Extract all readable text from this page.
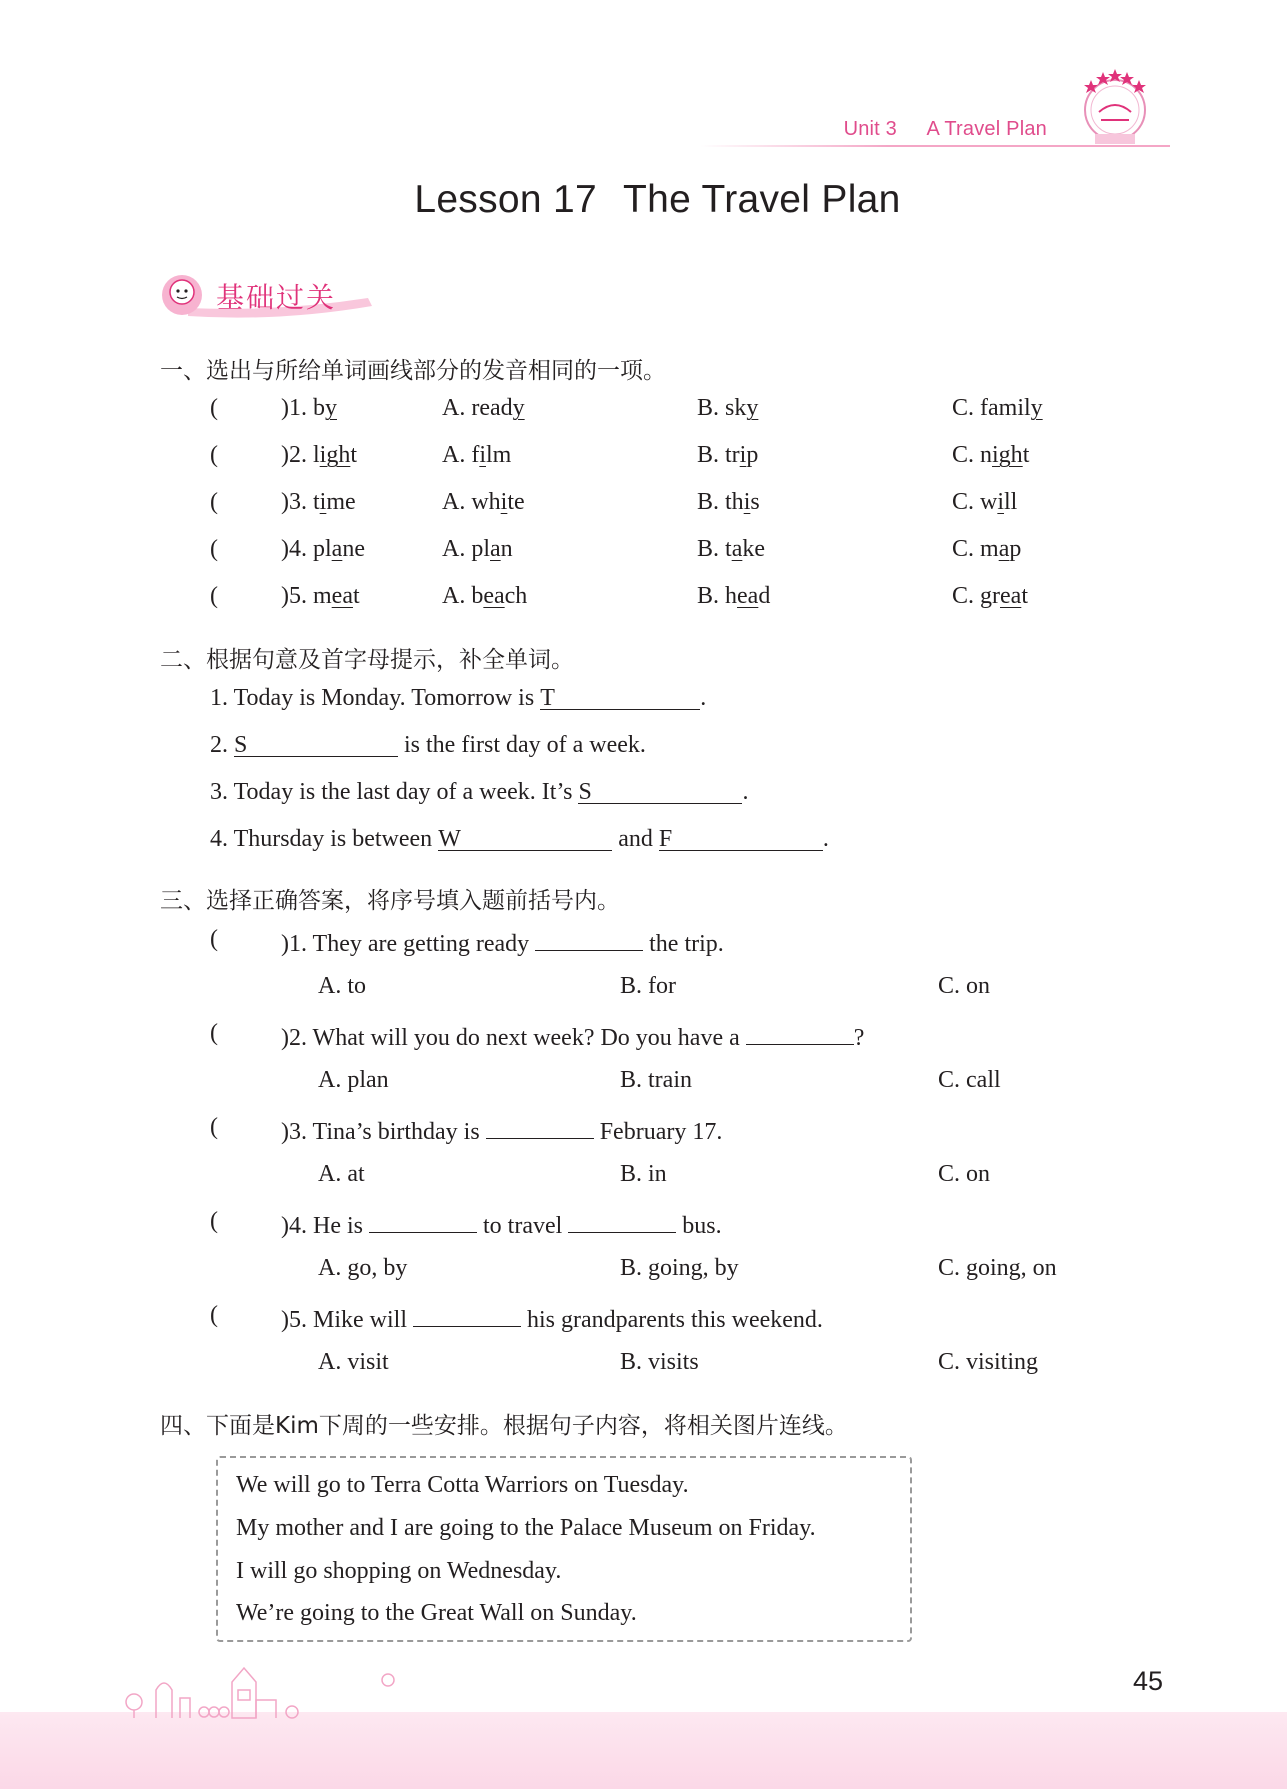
Unit 3 A Travel Plan
Lesson 17 The Travel Plan
基础过关
一、选出与所给单词画线部分的发音相同的一项。
(	)1. by	A. ready	B. sky	C. family
(	)2. light	A. film	B. trip	C. night
(	)3. time	A. white	B. this	C. will
(	)4. plane	A. plan	B. take	C. map
(	)5. meat	A. beach	B. head	C. great
二、根据句意及首字母提示，补全单词。
1. Today is Monday. Tomorrow is T	.
2. S	is the first day of a week.
3. Today is the last day of a week. It’s S	.
4. Thursday is between W	and F	.
三、选择正确答案，将序号填入题前括号内。
(	)1. They are getting ready	the trip.
A. to	B. for	C. on
(	)2. What will you do next week? Do you have a	?
A. plan	B. train	C. call
(	)3. Tina’s birthday is	February 17.
A. at	B. in	C. on
(	)4. He is	to travel	bus.
A. go, by	B. going, by	C. going, on
(	)5. Mike will	his grandparents this weekend.
A. visit	B. visits	C. visiting
四、下面是Kim下周的一些安排。根据句子内容，将相关图片连线。
We will go to Terra Cotta Warriors on Tuesday.
My mother and I are going to the Palace Museum on Friday.
I will go shopping on Wednesday.
We’re going to the Great Wall on Sunday.
45
